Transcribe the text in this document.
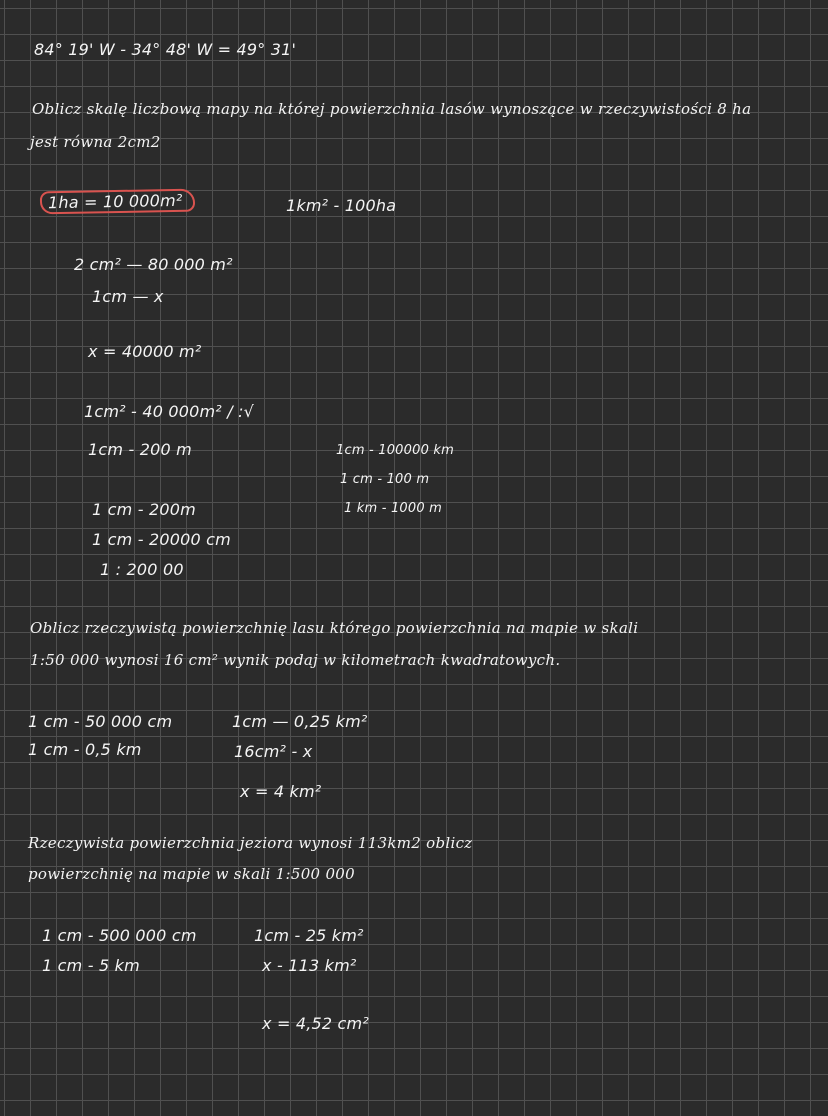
84° 19' W - 34° 48' W = 49° 31'
Oblicz skalę liczbową mapy na której powierzchnia lasów wynoszące w rzeczywistości 8 ha
jest równa 2cm2
1ha = 10 000m²	1km² - 100ha
2 cm² — 80 000 m²
1cm — x
x = 40000 m²
1cm² - 40 000m² / :√
1cm - 200 m	1cm - 100000 km
1 cm - 100 m
1 km - 1000 m
1 cm - 200m
1 cm - 20000 cm
1 : 200 00
Oblicz rzeczywistą powierzchnię lasu którego powierzchnia na mapie w skali
1:50 000 wynosi 16 cm² wynik podaj w kilometrach kwadratowych.
1 cm - 50 000 cm
1 cm - 0,5 km
1cm — 0,25 km²
16cm² - x
x = 4 km²
Rzeczywista powierzchnia jeziora wynosi 113km2 oblicz
powierzchnię na mapie w skali 1:500 000
1 cm - 500 000 cm
1 cm - 5 km
1cm - 25 km²
x - 113 km²
x = 4,52 cm²
